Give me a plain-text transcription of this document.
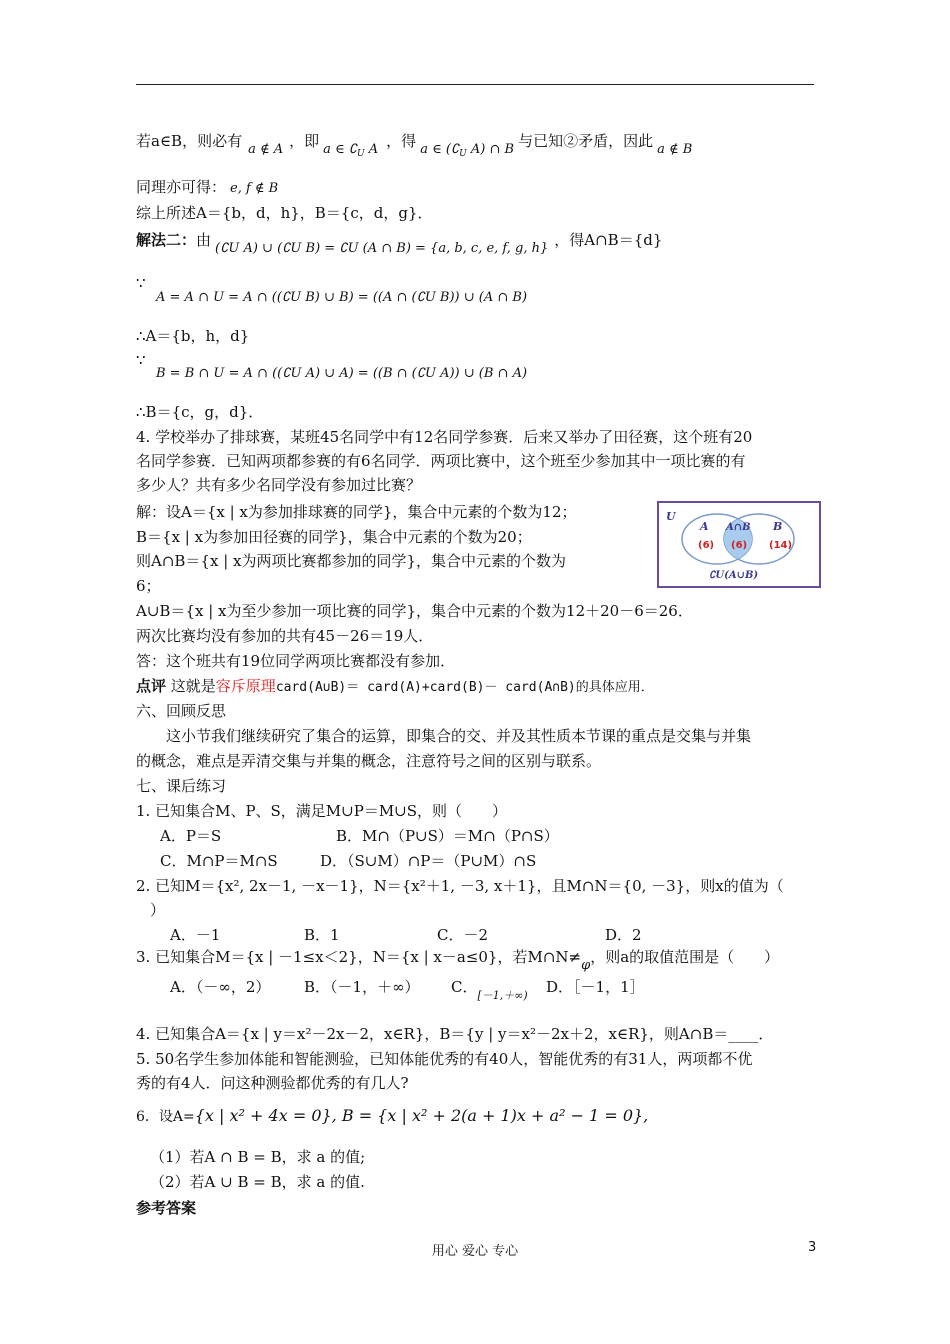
若a∈B，则必有 a ∉ A ，即 a ∈ $∁_U$ A ，得 a ∈ ($∁_U$ A) ∩ B 与已知②矛盾，因此 a ∉ B
同理亦可得： e, f ∉ B
综上所述A＝{b，d，h}，B＝{c，d，g}．
解法二：由 (∁U A) ∪ (∁U B) = ∁U (A ∩ B) = {a, b, c, e, f, g, h} ，得A∩B＝{d}
∵
A = A ∩ U = A ∩ ((∁U B) ∪ B) = ((A ∩ (∁U B)) ∪ (A ∩ B)
∴A＝{b，h，d}
∵
B = B ∩ U = A ∩ ((∁U A) ∪ A) = ((B ∩ (∁U A)) ∪ (B ∩ A)
∴B＝{c，g，d}．
4. 学校举办了排球赛，某班45名同学中有12名同学参赛．后来又举办了田径赛，这个班有20
名同学参赛．已知两项都参赛的有6名同学．两项比赛中，这个班至少参加其中一项比赛的有
多少人？共有多少名同学没有参加过比赛？
解：设A＝{x | x为参加排球赛的同学}，集合中元素的个数为12；
B＝{x | x为参加田径赛的同学}，集合中元素的个数为20；
则A∩B＝{x | x为两项比赛都参加的同学}，集合中元素的个数为
6；
A∪B＝{x | x为至少参加一项比赛的同学}，集合中元素的个数为12＋20－6＝26．
两次比赛均没有参加的共有45－26＝19人．
答：这个班共有19位同学两项比赛都没有参加．
点评 这就是容斥原理card(A∪B)＝ card(A)+card(B)－ card(A∩B)的具体应用．
六、回顾反思
这小节我们继续研究了集合的运算，即集合的交、并及其性质本节课的重点是交集与并集
的概念，难点是弄清交集与并集的概念，注意符号之间的区别与联系。
七、课后练习
1. 已知集合M、P、S，满足M∪P＝M∪S，则（　　）
A．P＝S	B．M∩（P∪S）＝M∩（P∩S）
C．M∩P＝M∩S	D．（S∪M）∩P＝（P∪M）∩S
2. 已知M＝{x², 2x－1, －x－1}，N＝{x²＋1, －3, x＋1}，且M∩N＝{0, －3}，则x的值为（
）
A．－1	B．1	C．－2	D．2
3. 已知集合M＝{x | －1≤x＜2}，N＝{x | x－a≤0}，若M∩N≠φ，则a的取值范围是（　　）
A．（－∞，2） B．（－1，＋∞） C．$_{[-1,+\infty)}$ D．［－1，1］
4. 已知集合A＝{x | y＝x²－2x－2，x∈R}，B＝{y | y＝x²－2x＋2，x∈R}，则A∩B＝____．
5. 50名学生参加体能和智能测验，已知体能优秀的有40人，智能优秀的有31人，两项都不优
秀的有4人．问这种测验都优秀的有几人?
6．设A={x | x² + 4x = 0}, B = {x | x² + 2(a + 1)x + a² − 1 = 0},
（1）若A ∩ B = B，求 a 的值;
（2）若A ∪ B = B，求 a 的值.
参考答案
U
A A∩B B
(6) (6) (14)
∁U(A∪B)
用心 爱心 专心	3
